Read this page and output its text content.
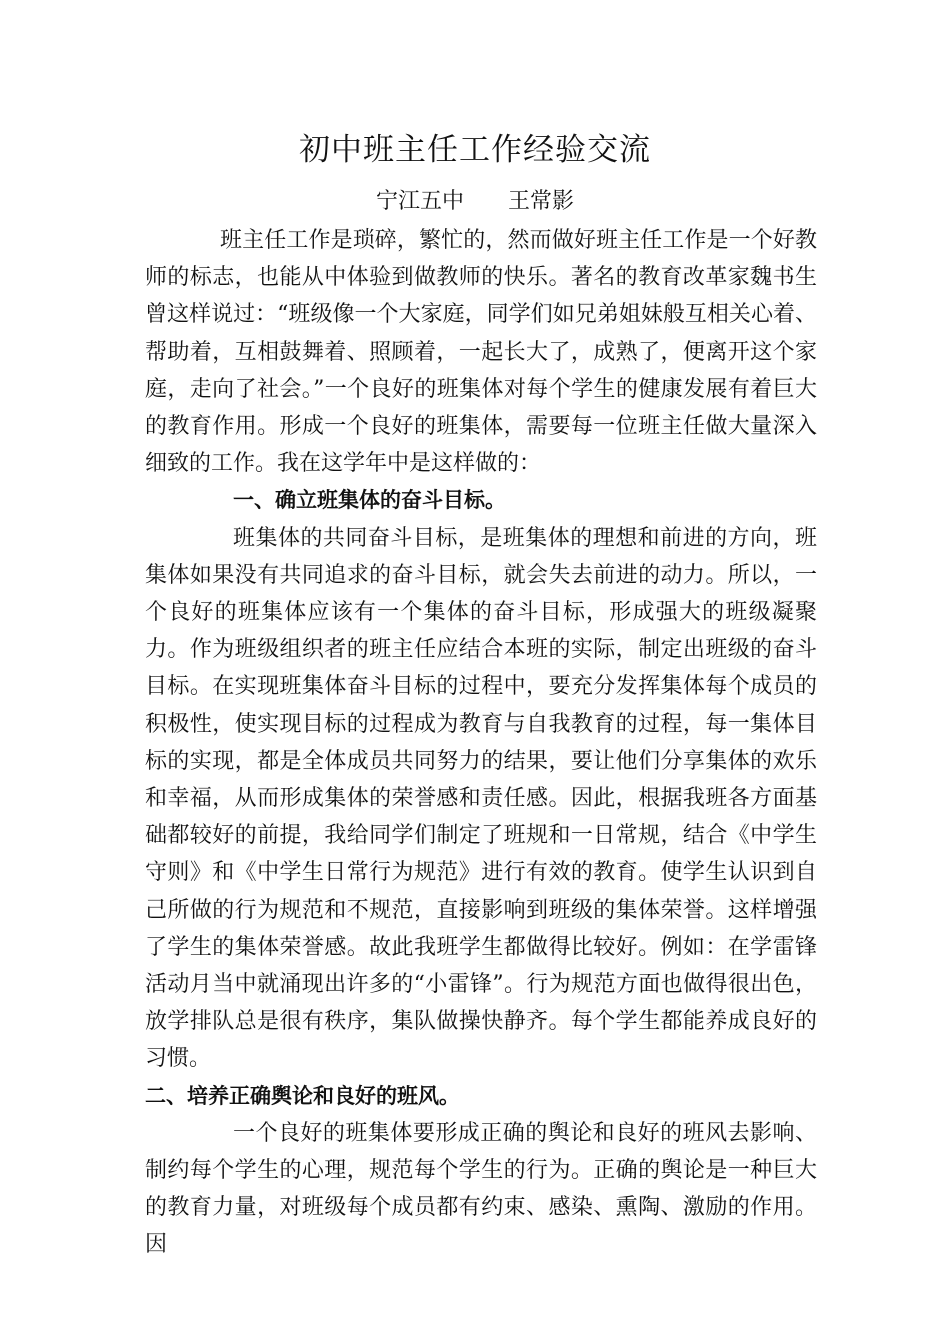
初中班主任工作经验交流
宁江五中 王常影

班主任工作是琐碎，繁忙的，然而做好班主任工作是一个好教师的标志，也能从中体验到做教师的快乐。著名的教育改革家魏书生曾这样说过：“班级像一个大家庭，同学们如兄弟姐妹般互相关心着、帮助着，互相鼓舞着、照顾着，一起长大了，成熟了，便离开这个家庭，走向了社会。”一个良好的班集体对每个学生的健康发展有着巨大的教育作用。形成一个良好的班集体，需要每一位班主任做大量深入细致的工作。我在这学年中是这样做的：

一、确立班集体的奋斗目标。

班集体的共同奋斗目标，是班集体的理想和前进的方向，班集体如果没有共同追求的奋斗目标，就会失去前进的动力。所以，一个良好的班集体应该有一个集体的奋斗目标，形成强大的班级凝聚力。作为班级组织者的班主任应结合本班的实际，制定出班级的奋斗目标。在实现班集体奋斗目标的过程中，要充分发挥集体每个成员的积极性，使实现目标的过程成为教育与自我教育的过程，每一集体目标的实现，都是全体成员共同努力的结果，要让他们分享集体的欢乐和幸福，从而形成集体的荣誉感和责任感。因此，根据我班各方面基础都较好的前提，我给同学们制定了班规和一日常规，结合《中学生守则》和《中学生日常行为规范》进行有效的教育。使学生认识到自己所做的行为规范和不规范，直接影响到班级的集体荣誉。这样增强了学生的集体荣誉感。故此我班学生都做得比较好。例如：在学雷锋活动月当中就涌现出许多的“小雷锋”。行为规范方面也做得很出色，放学排队总是很有秩序，集队做操快静齐。每个学生都能养成良好的习惯。

二、培养正确舆论和良好的班风。

一个良好的班集体要形成正确的舆论和良好的班风去影响、制约每个学生的心理，规范每个学生的行为。正确的舆论是一种巨大的教育力量，对班级每个成员都有约束、感染、熏陶、激励的作用。因
